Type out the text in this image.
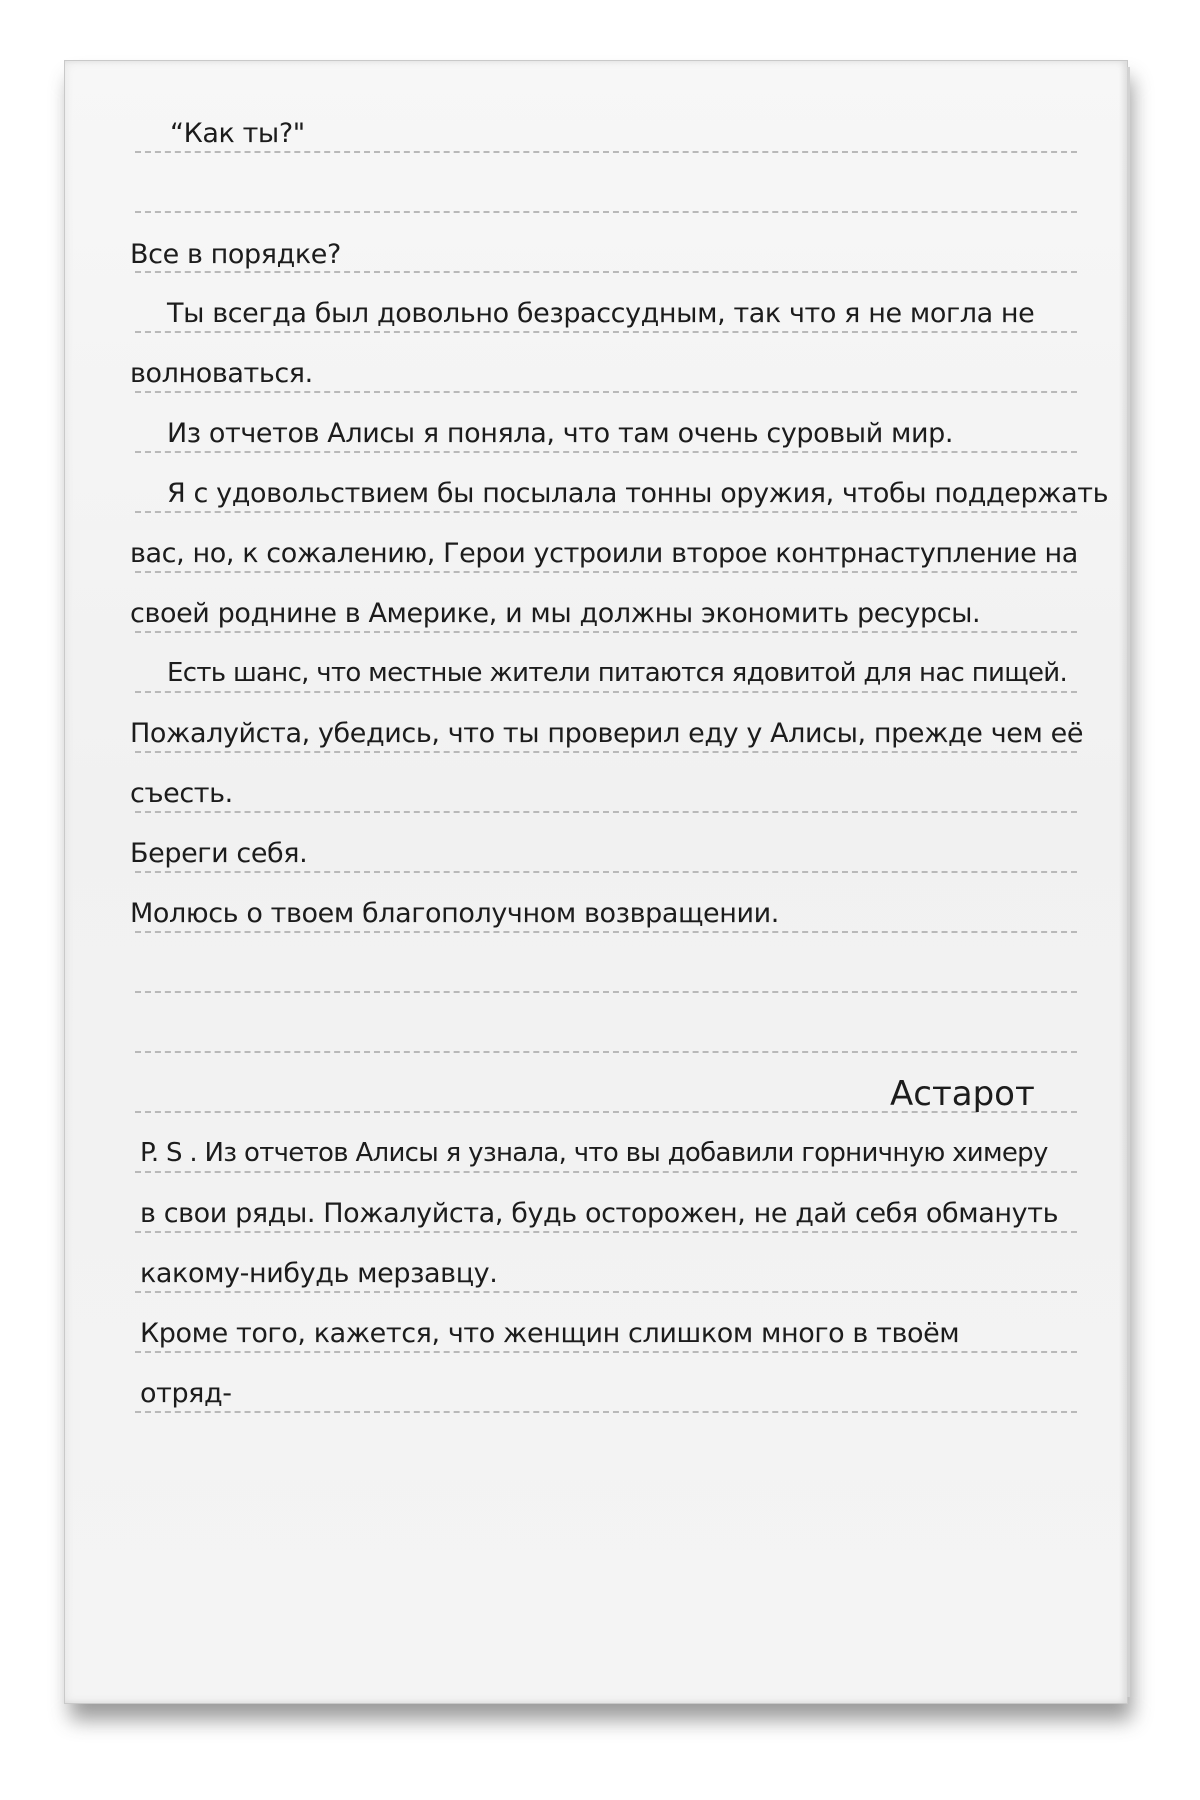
“Как ты?"
Все в порядке?
Ты всегда был довольно безрассудным, так что я не могла не
волноваться.
Из отчетов Алисы я поняла, что там очень суровый мир.
Я с удовольствием бы посылала тонны оружия, чтобы поддержать
вас, но, к сожалению, Герои устроили второе контрнаступление на
своей роднине в Америке, и мы должны экономить ресурсы.
Есть шанс, что местные жители питаются ядовитой для нас пищей.
Пожалуйста, убедись, что ты проверил еду у Алисы, прежде чем её
съесть.
Береги себя.
Молюсь о твоем благополучном возвращении.
Астарот
P. S . Из отчетов Алисы я узнала, что вы добавили горничную химеру
в свои ряды. Пожалуйста, будь осторожен, не дай себя обмануть
какому-нибудь мерзавцу.
Кроме того, кажется, что женщин слишком много в твоём
отряд-
